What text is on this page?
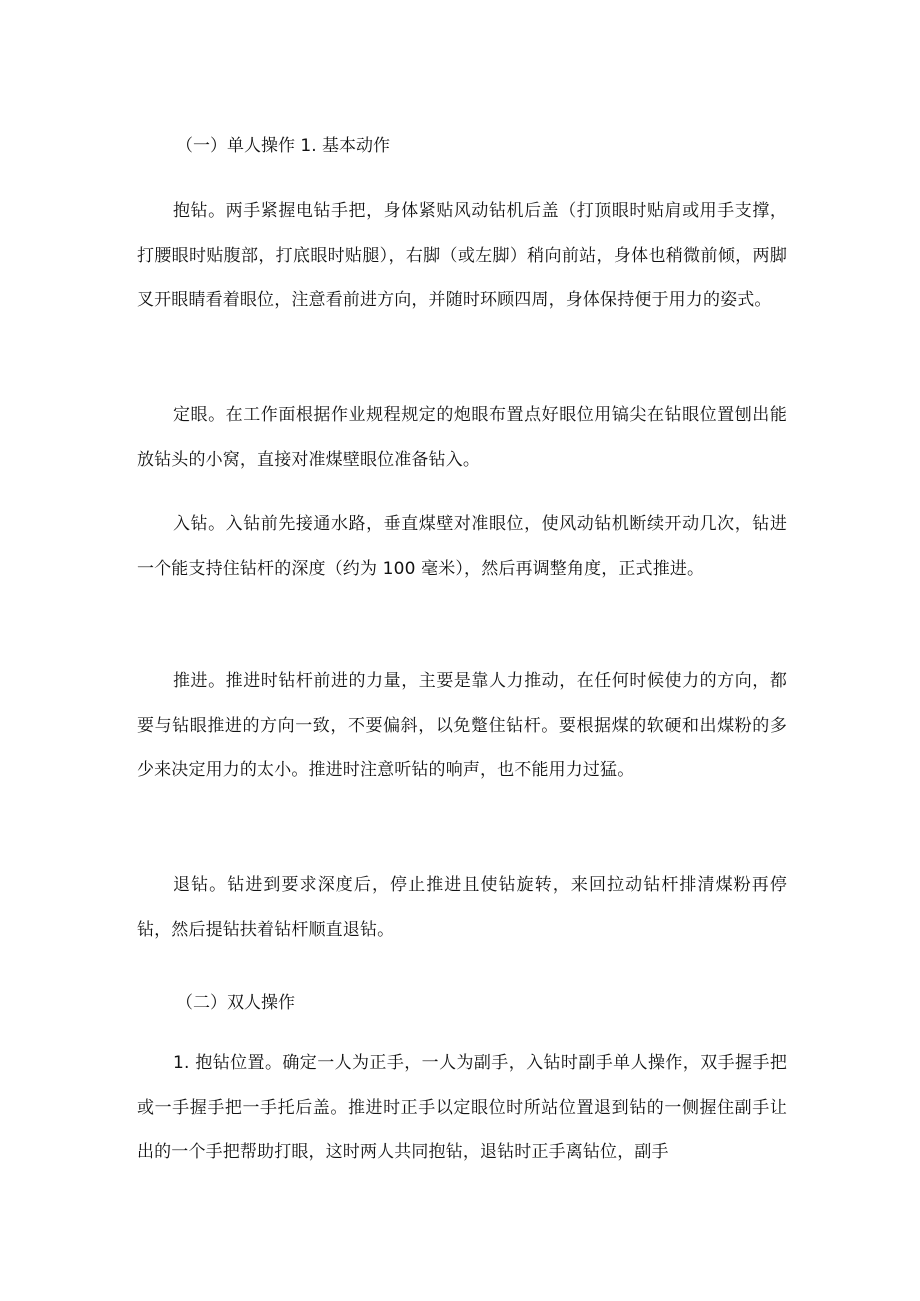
（一）单人操作 1. 基本动作

抱钻。两手紧握电钻手把，身体紧贴风动钻机后盖（打顶眼时贴肩或用手支撑，打腰眼时贴腹部，打底眼时贴腿），右脚（或左脚）稍向前站，身体也稍微前倾，两脚叉开眼睛看着眼位，注意看前进方向，并随时环顾四周，身体保持便于用力的姿式。

定眼。在工作面根据作业规程规定的炮眼布置点好眼位用镐尖在钻眼位置刨出能放钻头的小窝，直接对准煤壁眼位准备钻入。

入钻。入钻前先接通水路，垂直煤壁对准眼位，使风动钻机断续开动几次，钻进一个能支持住钻杆的深度（约为 100 毫米），然后再调整角度，正式推进。

推进。推进时钻杆前进的力量，主要是靠人力推动，在任何时候使力的方向，都要与钻眼推进的方向一致，不要偏斜，以免蹩住钻杆。要根据煤的软硬和出煤粉的多少来决定用力的太小。推进时注意听钻的响声，也不能用力过猛。

退钻。钻进到要求深度后，停止推进且使钻旋转，来回拉动钻杆排清煤粉再停钻，然后提钻扶着钻杆顺直退钻。

（二）双人操作

1. 抱钻位置。确定一人为正手，一人为副手，入钻时副手单人操作，双手握手把或一手握手把一手托后盖。推进时正手以定眼位时所站位置退到钻的一侧握住副手让出的一个手把帮助打眼，这时两人共同抱钻，退钻时正手离钻位，副手
